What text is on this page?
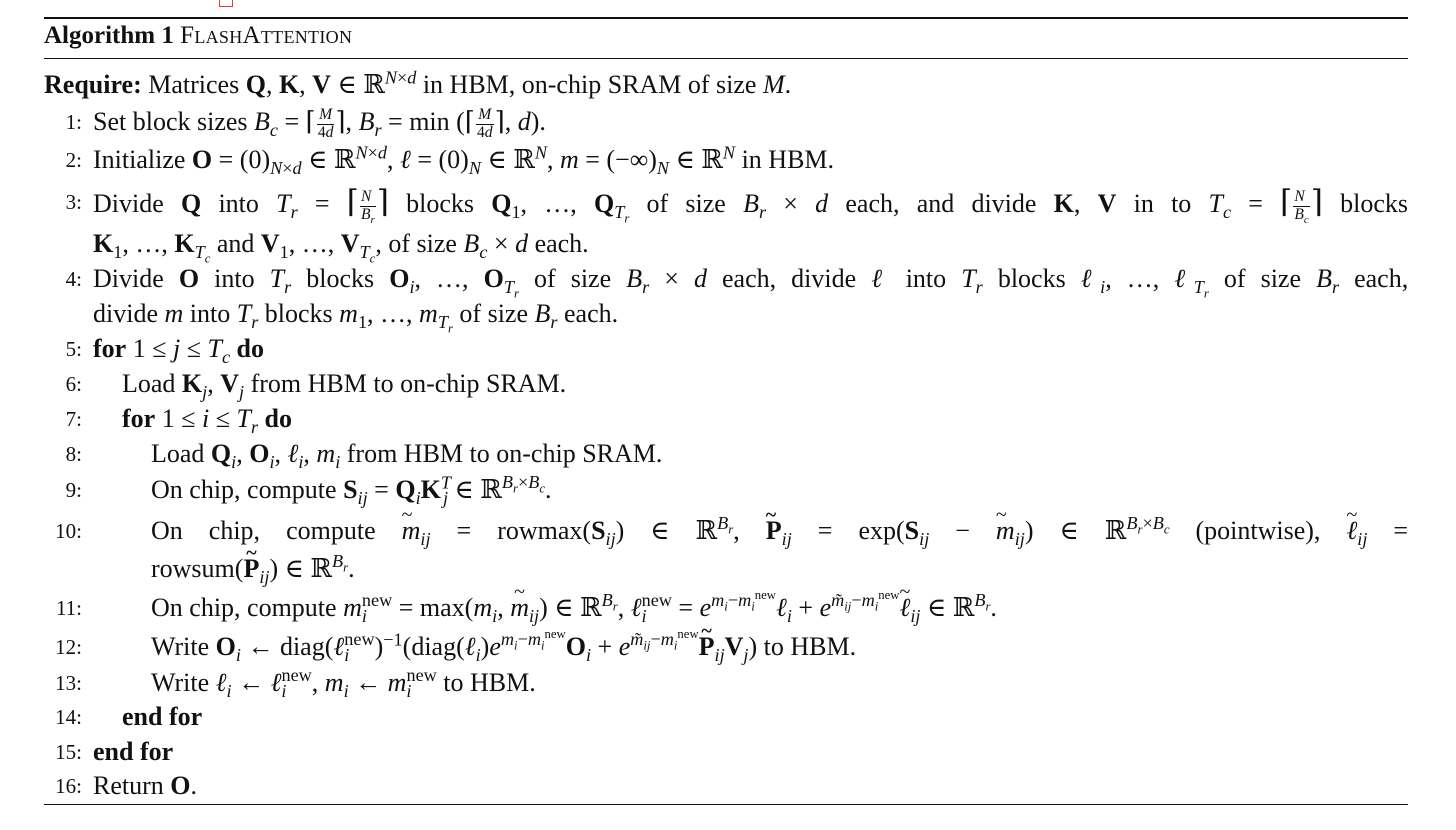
Algorithm 1 FlashAttention
Require: Matrices Q, K, V ∈ ℝ$^{N\times d}$ in HBM, on-chip SRAM of size M.
1: Set block sizes $B_c$ = ⌈ $\frac{M}{4d}$ ⌉, $B_r = \min$ (⌈ $\frac{M}{4d}$ ⌉, d).
2: Initialize $O = (0)_{N\times d}$ ∈ ℝ$^{N\times d}$, ℓ = $(0)_N$ ∈ ℝ$^N$, $m = (-\infty)_N$ ∈ ℝ$^N$ in HBM.
3: Divide Q into $T_r$ = ⌈ $\frac{N}{B_r}$ ⌉ blocks $Q_1$, …, $Q_{T_r}$ of size $B_r \times d$ each, and divide K, V in to $T_c$ = ⌈ $\frac{N}{B_c}$ ⌉ blocks
$K_1$, …, $K_{T_c}$ and $V_1$, …, $V_{T_c}$, of size $B_c \times d$ each.
4: Divide O into $T_r$ blocks $O_i$, …, $O_{T_r}$ of size $B_r \times d$ each, divide ℓ into $T_r$ blocks ℓ$_i$, …, ℓ$_{T_r}$ of size $B_r$ each,
divide m into $T_r$ blocks $m_1$, …, $m_{T_r}$ of size $B_r$ each.
5: for $1 \le j \le T_c$ do
6: Load $K_j$, $V_j$ from HBM to on-chip SRAM.
7: for $1 \le i \le T_r$ do
8:	Load $Q_i$, $O_i$, ℓ$_i$, $m_i$ from HBM to on-chip SRAM.
9:	On chip, compute $S_{ij} = Q_iK^T_j$ ∈ ℝ$^{B_r\times B_c}$.
10:	On chip, compute ~ $m_{ij} = rowmax(S_{ij})$ ∈ ℝ$^{B_r}$, ~ $P_{ij} = \exp(S_{ij}$ − ~ $m_{ij}$) ∈ ℝ$^{B_r\times B_c}$ (pointwise), ~ ℓ$_{ij}$ =
rowsum(~ $P_{ij}$) ∈ ℝ$^{B_r}$.
11:	On chip, compute $m_i^{new} = \max(m_i$, ~ $m_{ij}$) ∈ ℝ$^{B_r}$, ℓ$_i^{new}$ = $e^{m_i-m_i^{new}}\ell_i$ + $e^{m̃_{ij}-m_i^{new}}\sim$ ℓ$_{ij}$ ∈ ℝ$^{B_r}$.
12:	Write $O_i$ ← $diag(\ell_i^{new})^{-1}(diag(\ell_i)e^{m_i-m_i^{new}}O_i$ + $e^{m̃_{ij}-m_i^{new}}\sim$ $P_{ij}V_j$) to HBM.
13:	Write ℓ$_i$ ← ℓ$_i^{new}$, $m_i$ ← $m_i^{new}$ to HBM.
14: end for
15: end for
16: Return O.
